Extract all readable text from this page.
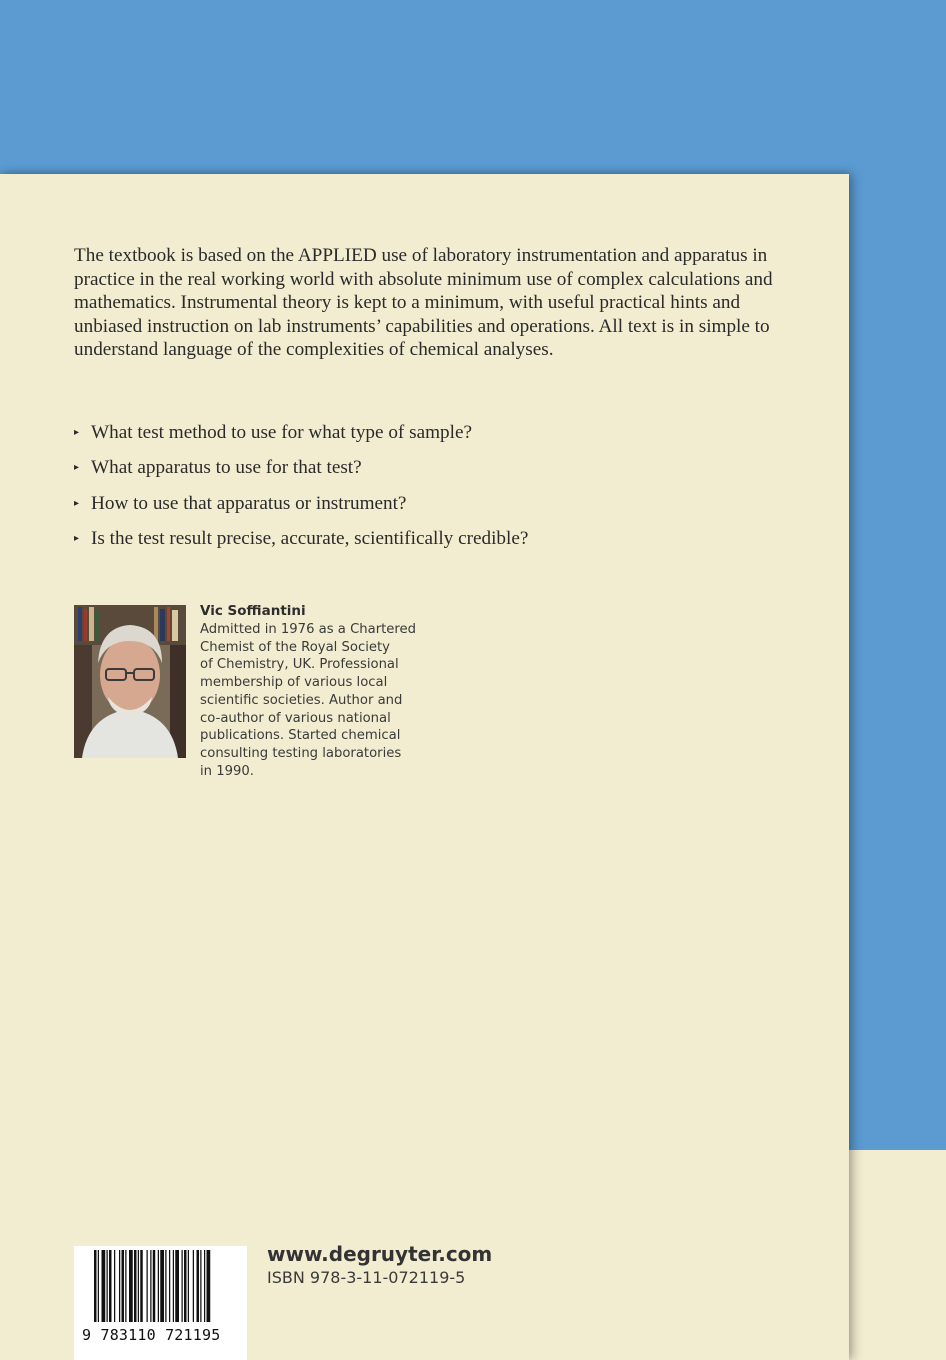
The textbook is based on the APPLIED use of laboratory instrumentation and apparatus in practice in the real working world with absolute minimum use of complex calculations and mathematics. Instrumental theory is kept to a minimum, with useful practical hints and unbiased instruction on lab instruments’ capabilities and operations. All text is in simple to understand language of the complexities of chemical analyses.

▸ What test method to use for what type of sample?
▸ What apparatus to use for that test?
▸ How to use that apparatus or instrument?
▸ Is the test result precise, accurate, scientifically credible?
Vic Soffiantini
Admitted in 1976 as a Chartered
Chemist of the Royal Society
of Chemistry, UK. Professional
membership of various local
scientific societies. Author and
co-author of various national
publications. Started chemical
consulting testing laboratories
in 1990.
9 783110 721195
www.degruyter.com
ISBN 978-3-11-072119-5
